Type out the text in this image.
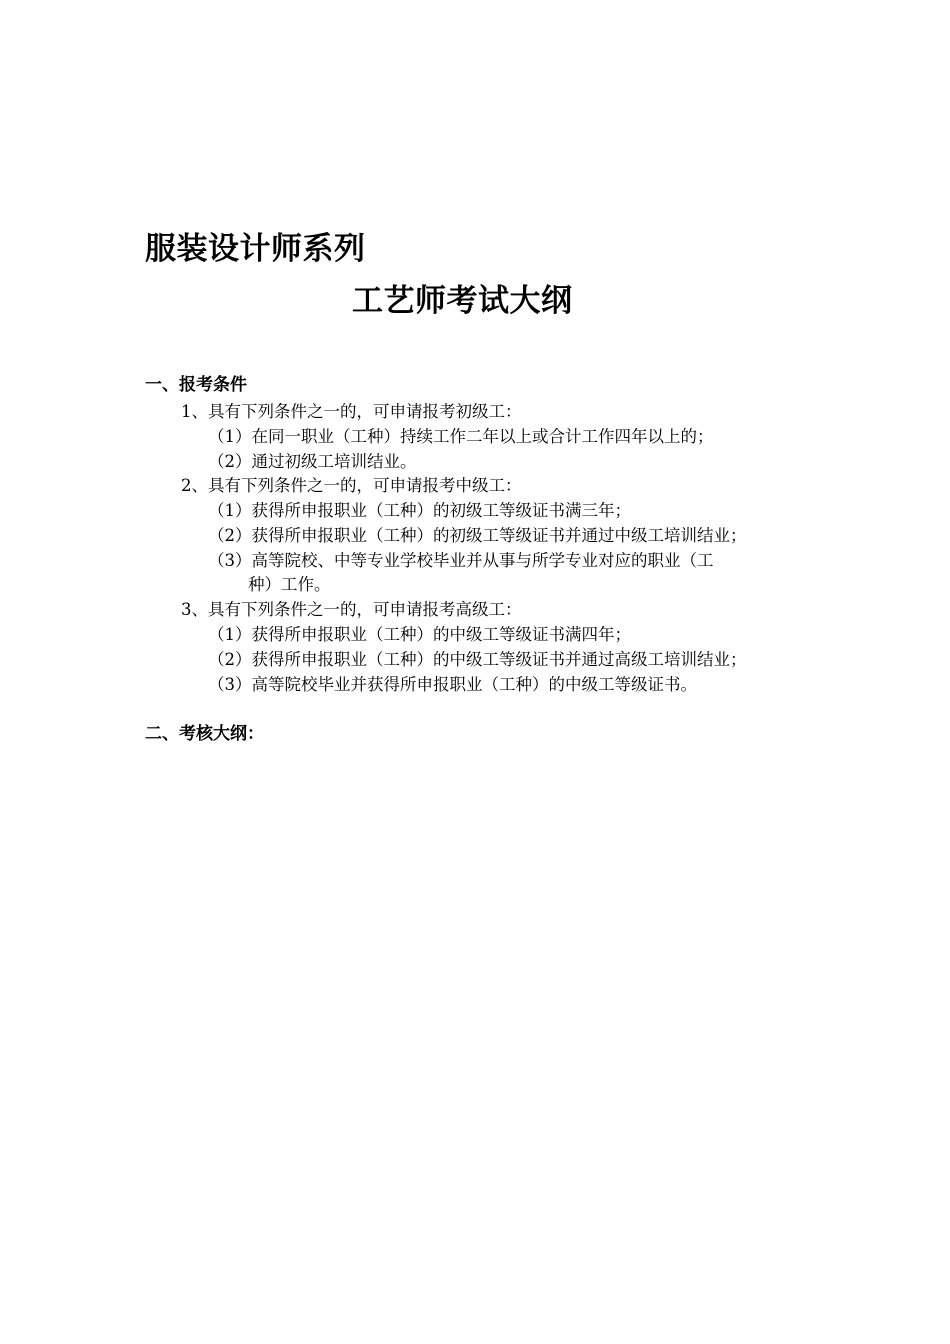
服装设计师系列
工艺师考试大纲
一、报考条件
1、具有下列条件之一的，可申请报考初级工：
（1）在同一职业（工种）持续工作二年以上或合计工作四年以上的；
（2）通过初级工培训结业。
2、具有下列条件之一的，可申请报考中级工：
（1）获得所申报职业（工种）的初级工等级证书满三年；
（2）获得所申报职业（工种）的初级工等级证书并通过中级工培训结业；
（3）高等院校、中等专业学校毕业并从事与所学专业对应的职业（工
种）工作。
3、具有下列条件之一的，可申请报考高级工：
（1）获得所申报职业（工种）的中级工等级证书满四年；
（2）获得所申报职业（工种）的中级工等级证书并通过高级工培训结业；
（3）高等院校毕业并获得所申报职业（工种）的中级工等级证书。
二、考核大纲：
